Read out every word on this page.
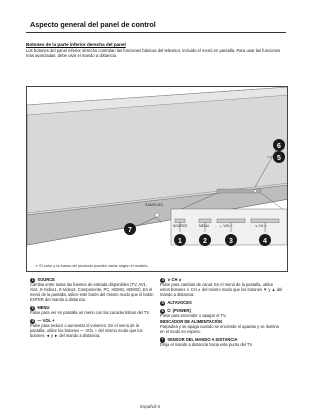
Aspecto general del panel de control
Botones de la parte inferior derecha del panel
Los botones del panel inferior derecho controlan las funciones básicas del televisor, incluido el menú en pantalla. Para usar las funciones más avanzadas, debe usar el mando a distancia.
SAMSUNG
SOURCE	MENU	— VOL +	∨ CH ∧
1	2	3	4
5
6
7
➢ El color y la forma del producto pueden variar según el modelo.
1 SOURCE
Cambia entre todas las fuentes de entrada disponibles (TV, AV1, AV2, S-Video1, S-Video2, Componente, PC, HDMI1, HDMI2). En el menú de la pantalla, utilice este botón del mismo modo que el botón ENTER del mando a distancia.
2 MENU
Pulse para ver en pantalla un menú con las características del TV.
3 — VOL +
Pulse para reducir o aumentar el volumen. En el menú de la pantalla, utilice los botones — VOL + del mismo modo que los botones ◄ y ► del mando a distancia.
4 ∨ CH ∧
Pulse para cambiar de canal. En el menú de la pantalla, utilice estos botones ∨ CH ∧ del mismo modo que los botones ▼ y ▲ del mando a distancia.
5 ALTAVOCES
6 ⏻ (POWER)
Pulse para encender o apagar el TV.
INDICADOR DE ALIMENTACIÓN
Parpadea y se apaga cuando se enciende el aparato y se ilumina en el modo en espera.
7 SENSOR DEL MANDO A DISTANCIA
Dirija el mando a distancia hacia este punto del TV.
Español-3
